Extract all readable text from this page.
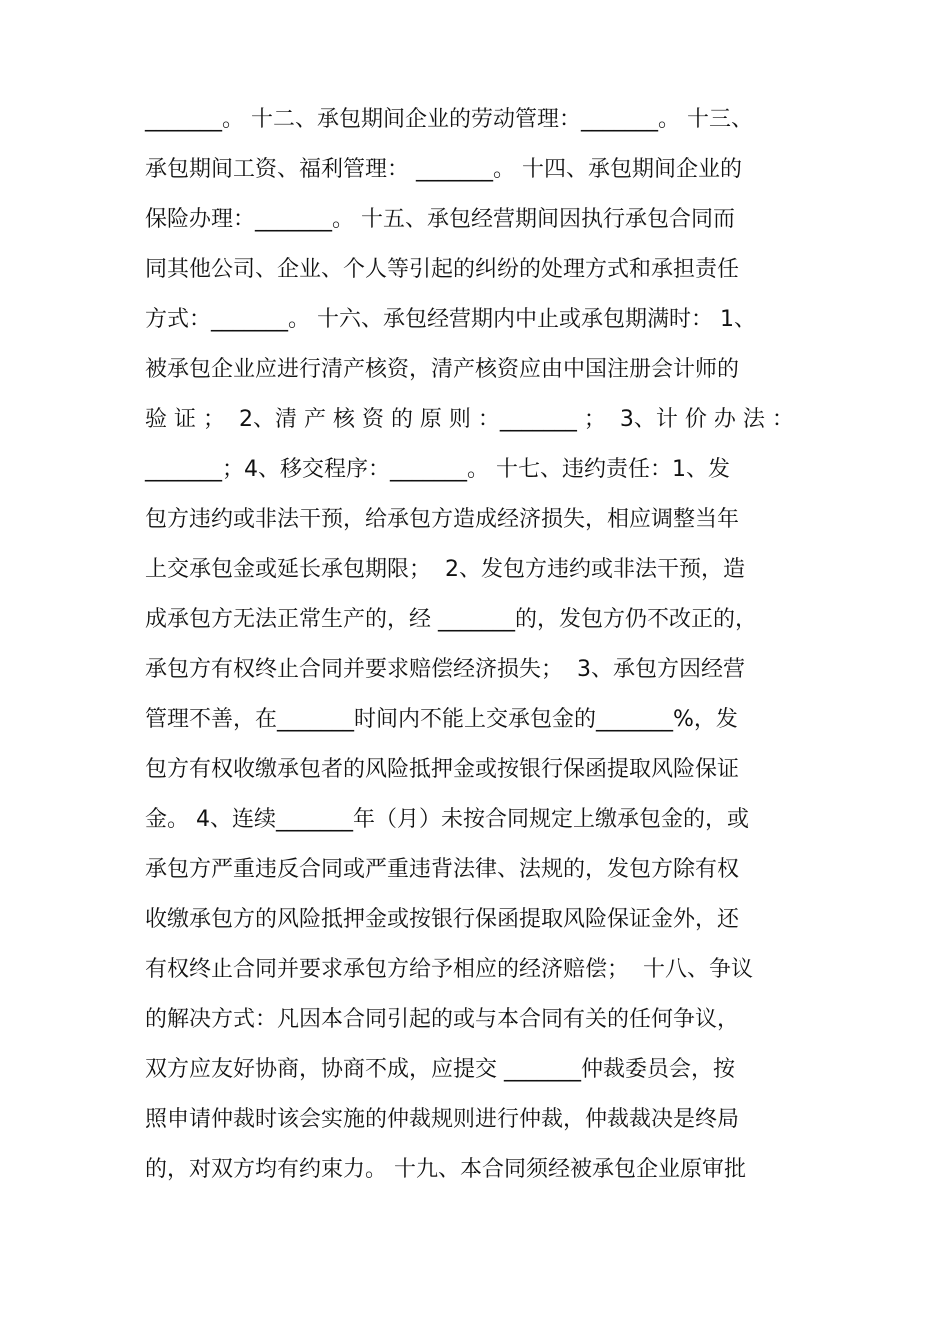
_______。 十二、承包期间企业的劳动管理：_______。 十三、
承包期间工资、福利管理： _______。 十四、承包期间企业的
保险办理：_______。 十五、承包经营期间因执行承包合同而
同其他公司、企业、个人等引起的纠纷的处理方式和承担责任
方式：_______。 十六、承包经营期内中止或承包期满时： 1、
被承包企业应进行清产核资，清产核资应由中国注册会计师的
验 证 ；  2、清 产 核 资 的 原 则 ：_______ ；  3、计 价 办 法 ：
_______；4、移交程序：_______。 十七、违约责任：1、发
包方违约或非法干预，给承包方造成经济损失，相应调整当年
上交承包金或延长承包期限；  2、发包方违约或非法干预，造
成承包方无法正常生产的，经 _______的，发包方仍不改正的，
承包方有权终止合同并要求赔偿经济损失；  3、承包方因经营
管理不善，在_______时间内不能上交承包金的_______%，发
包方有权收缴承包者的风险抵押金或按银行保函提取风险保证
金。 4、连续_______年（月）未按合同规定上缴承包金的，或
承包方严重违反合同或严重违背法律、法规的，发包方除有权
收缴承包方的风险抵押金或按银行保函提取风险保证金外，还
有权终止合同并要求承包方给予相应的经济赔偿；  十八、争议
的解决方式：凡因本合同引起的或与本合同有关的任何争议，
双方应友好协商，协商不成，应提交 _______仲裁委员会，按
照申请仲裁时该会实施的仲裁规则进行仲裁，仲裁裁决是终局
的，对双方均有约束力。 十九、本合同须经被承包企业原审批
